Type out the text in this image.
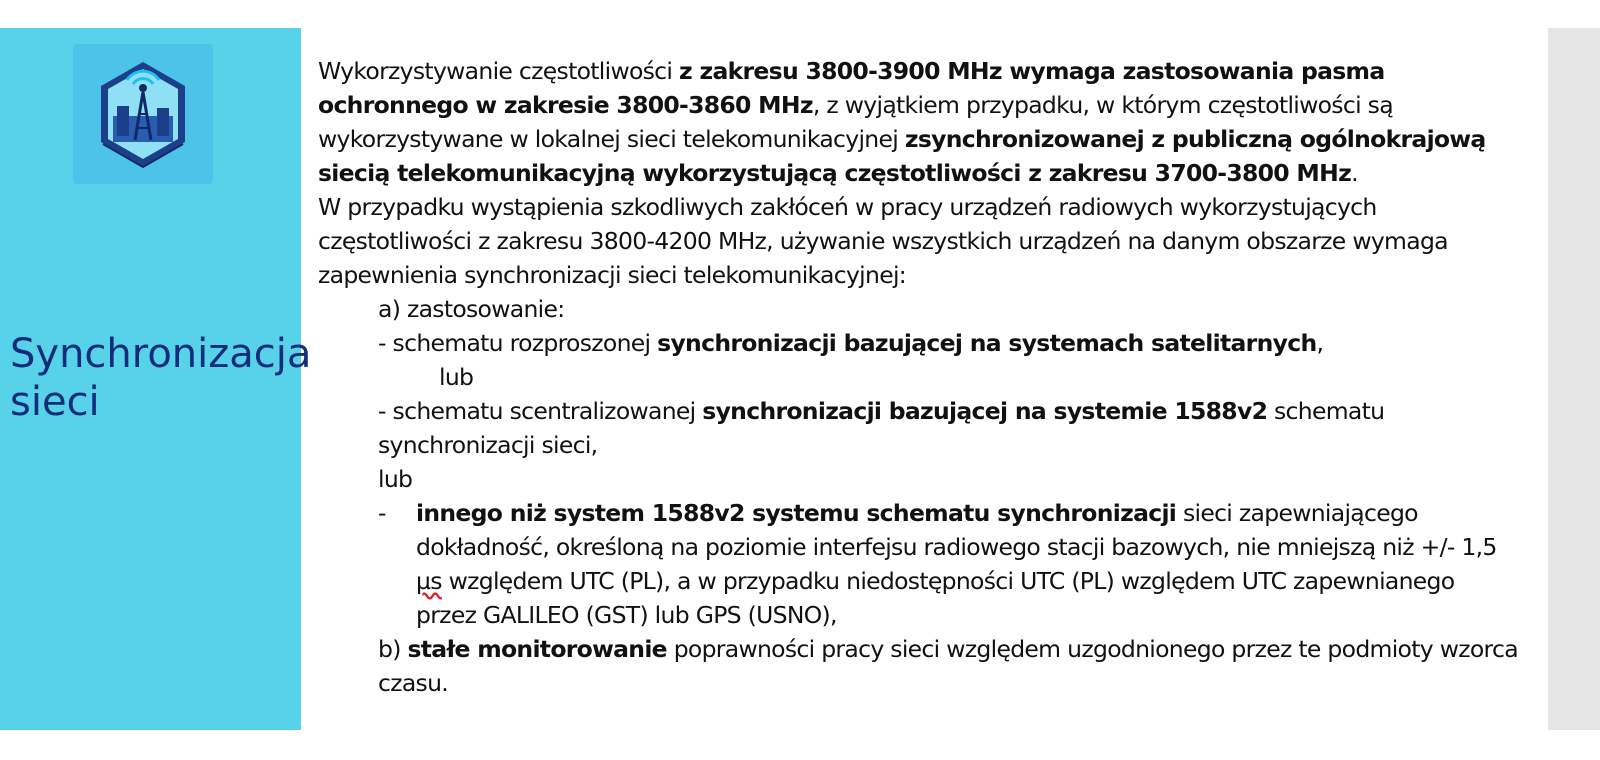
Synchronizacja
sieci

Wykorzystywanie częstotliwości z zakresu 3800-3900 MHz wymaga zastosowania pasma ochronnego w zakresie 3800-3860 MHz, z wyjątkiem przypadku, w którym częstotliwości są wykorzystywane w lokalnej sieci telekomunikacyjnej zsynchronizowanej z publiczną ogólnokrajową siecią telekomunikacyjną wykorzystującą częstotliwości z zakresu 3700-3800 MHz.

W przypadku wystąpienia szkodliwych zakłóceń w pracy urządzeń radiowych wykorzystujących częstotliwości z zakresu 3800-4200 MHz, używanie wszystkich urządzeń na danym obszarze wymaga zapewnienia synchronizacji sieci telekomunikacyjnej:

a) zastosowanie:

- schematu rozproszonej synchronizacji bazującej na systemach satelitarnych,

lub

- schematu scentralizowanej synchronizacji bazującej na systemie 1588v2 schematu synchronizacji sieci,

lub

- innego niż system 1588v2 systemu schematu synchronizacji sieci zapewniającego dokładność, określoną na poziomie interfejsu radiowego stacji bazowych, nie mniejszą niż +/- 1,5 µs względem UTC (PL), a w przypadku niedostępności UTC (PL) względem UTC zapewnianego przez GALILEO (GST) lub GPS (USNO),

b) stałe monitorowanie poprawności pracy sieci względem uzgodnionego przez te podmioty wzorca czasu.
